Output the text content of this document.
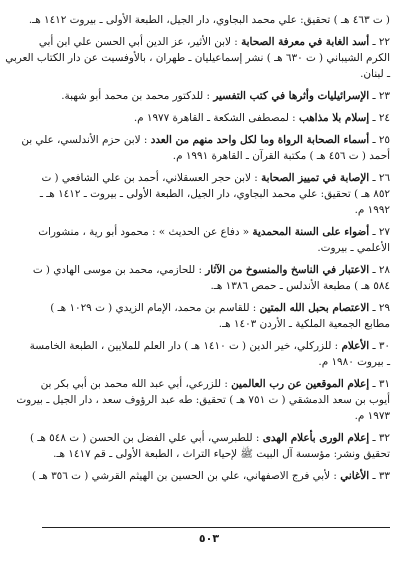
( ت ٤٦٣ هـ ) تحقيق: علي محمد البجاوي، دار الجيل، الطبعة الأولى ـ بيروت ١٤١٢ هـ.
٢٢ ـ أسد الغابة في معرفة الصحابة : لابن الأثير، عز الدين أبي الحسن علي ابن أبي
الكرم الشيباني ( ت ٦٣٠ هـ ) نشر إسماعيليان ـ طهران ، بالأوفسيت عن دار الكتاب العربي
ـ لبنان.
٢٣ ـ الإسرائيليات وأثرها في كتب التفسير : للدكتور محمد بن محمد أبو شهبة.
٢٤ ـ إسلام بلا مذاهب : لمصطفى الشكعة ـ القاهرة ١٩٧٧ م.
٢٥ ـ أسماء الصحابة الرواة وما لكل واحد منهم من العدد : لابن حزم الأندلسي، علي بن
أحمد ( ت ٤٥٦ هـ ) مكتبة القرآن ـ القاهرة ١٩٩١ م.
٢٦ ـ الإصابة في تمييز الصحابة : لابن حجر العسقلاني، أحمد بن علي الشافعي ( ت
٨٥٢ هـ ) تحقيق: علي محمد البجاوي، دار الجيل، الطبعة الأولى ـ بيروت ـ ١٤١٢ هـ ـ
١٩٩٢ م.
٢٧ ـ أضواء على السنة المحمدية « دفاع عن الحديث » : محمود أبو رية ، منشورات
الأعلمي ـ بيروت.
٢٨ ـ الاعتبار في الناسخ والمنسوخ من الآثار : للحازمي، محمد بن موسى الهادي ( ت
٥٨٤ هـ ) مطبعة الأندلس ـ حمص ١٣٨٦ هـ.
٢٩ ـ الاعتصام بحبل الله المتين : للقاسم بن محمد، الإمام الزيدي ( ت ١٠٢٩ هـ )
مطابع الجمعية الملكية ـ الأردن ١٤٠٣ هـ.
٣٠ ـ الأعلام : للزركلي، خير الدين ( ت ١٤١٠ هـ ) دار العلم للملايين ، الطبعة الخامسة
ـ بيروت ١٩٨٠ م.
٣١ ـ إعلام الموقعين عن رب العالمين : للزرعي، أبي عبد الله محمد بن أبي بكر بن
أيوب بن سعد الدمشقي ( ت ٧٥١ هـ ) تحقيق: طه عبد الرؤوف سعد ، دار الجيل ـ بيروت
١٩٧٣ م.
٣٢ ـ إعلام الورى بأعلام الهدى : للطبرسي، أبي علي الفضل بن الحسن ( ت ٥٤٨ هـ )
تحقيق ونشر: مؤسسة آل البيت ﷺ لإحياء التراث ، الطبعة الأولى ـ قم ١٤١٧ هـ.
٣٣ ـ الأغاني : لأبي فرج الاصفهاني، علي بن الحسين بن الهيثم القرشي ( ت ٣٥٦ هـ )
٥٠٣
